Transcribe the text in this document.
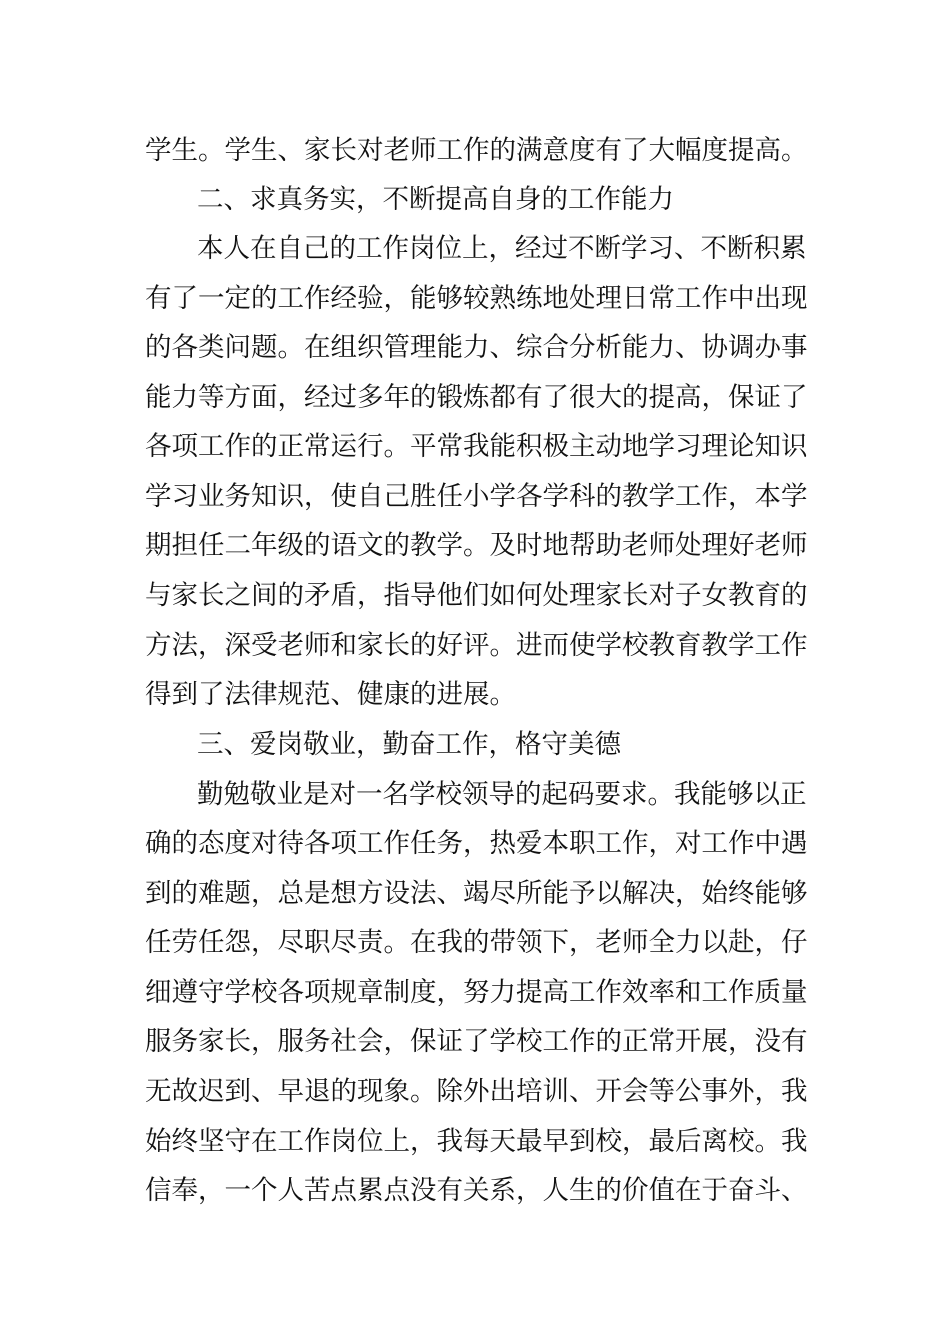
学生。学生、家长对老师工作的满意度有了大幅度提高。
二、求真务实，不断提高自身的工作能力
本人在自己的工作岗位上，经过不断学习、不断积累
有了一定的工作经验，能够较熟练地处理日常工作中出现
的各类问题。在组织管理能力、综合分析能力、协调办事
能力等方面，经过多年的锻炼都有了很大的提高，保证了
各项工作的正常运行。平常我能积极主动地学习理论知识
学习业务知识，使自己胜任小学各学科的教学工作，本学
期担任二年级的语文的教学。及时地帮助老师处理好老师
与家长之间的矛盾，指导他们如何处理家长对子女教育的
方法，深受老师和家长的好评。进而使学校教育教学工作
得到了法律规范、健康的进展。
三、爱岗敬业，勤奋工作，格守美德
勤勉敬业是对一名学校领导的起码要求。我能够以正
确的态度对待各项工作任务，热爱本职工作，对工作中遇
到的难题，总是想方设法、竭尽所能予以解决，始终能够
任劳任怨，尽职尽责。在我的带领下，老师全力以赴，仔
细遵守学校各项规章制度，努力提高工作效率和工作质量
服务家长，服务社会，保证了学校工作的正常开展，没有
无故迟到、早退的现象。除外出培训、开会等公事外，我
始终坚守在工作岗位上，我每天最早到校，最后离校。我
信奉，一个人苦点累点没有关系，人生的价值在于奋斗、
